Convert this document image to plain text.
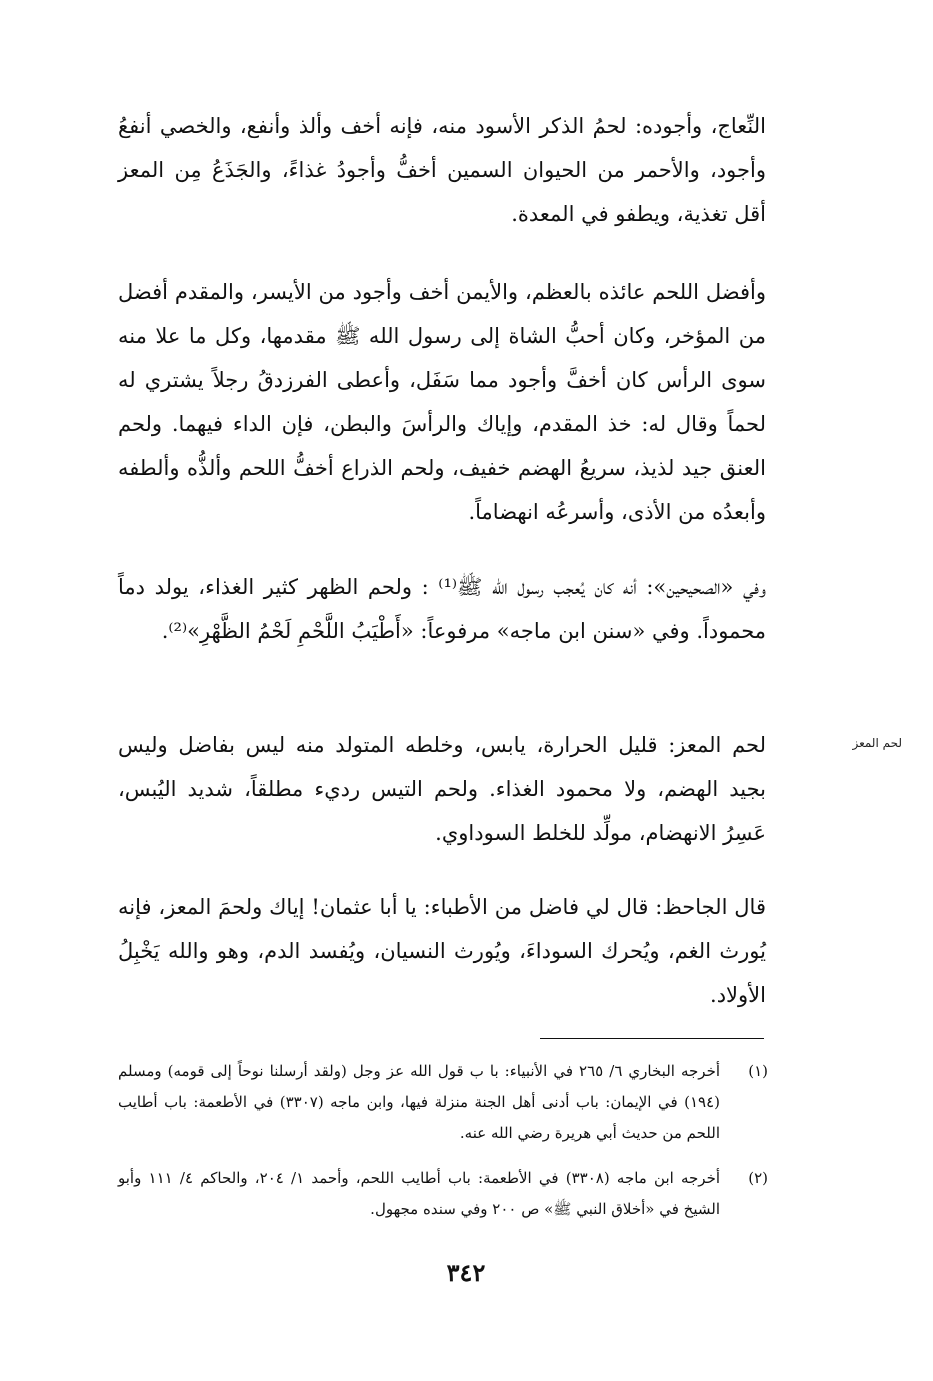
النِّعاج، وأجوده: لحمُ الذكر الأسود منه، فإنه أخف وألذ وأنفع، والخصي أنفعُ وأجود، والأحمر من الحيوان السمين أخفُّ وأجودُ غذاءً، والجَذَعُ مِن المعز أقل تغذية، ويطفو في المعدة.

وأفضل اللحم عائذه بالعظم، والأيمن أخف وأجود من الأيسر، والمقدم أفضل من المؤخر، وكان أحبُّ الشاة إلى رسول الله ﷺ مقدمها، وكل ما علا منه سوى الرأس كان أخفَّ وأجود مما سَفَل، وأعطى الفرزدقُ رجلاً يشتري له لحماً وقال له: خذ المقدم، وإياك والرأسَ والبطن، فإن الداء فيهما. ولحم العنق جيد لذيذ، سريعُ الهضم خفيف، ولحم الذراع أخفُّ اللحم وألذُّه وألطفه وأبعدُه من الأذى، وأسرعُه انهضاماً.

وفي «الصحيحين»: أنه كان يُعجب رسول الله ﷺ⁽¹⁾ : ولحم الظهر كثير الغذاء، يولد دماً محموداً. وفي «سنن ابن ماجه» مرفوعاً: «أَطْيَبُ اللَّحْمِ لَحْمُ الظَّهْرِ»⁽²⁾.

لحم المعز

لحم المعز: قليل الحرارة، يابس، وخلطه المتولد منه ليس بفاضل وليس بجيد الهضم، ولا محمود الغذاء. ولحم التيس رديء مطلقاً، شديد اليُبس، عَسِرُ الانهضام، مولِّد للخلط السوداوي.

قال الجاحظ: قال لي فاضل من الأطباء: يا أبا عثمان! إياك ولحمَ المعز، فإنه يُورث الغم، ويُحرك السوداءَ، ويُورث النسيان، ويُفسد الدم، وهو والله يَخْبِلُ الأولاد.

(١)
أخرجه البخاري ٦/ ٢٦٥ في الأنبياء: با ب قول الله عز وجل (ولقد أرسلنا نوحاً إلى قومه) ومسلم (١٩٤) في الإيمان: باب أدنى أهل الجنة منزلة فيها، وابن ماجه (٣٣٠٧) في الأطعمة: باب أطايب اللحم من حديث أبي هريرة رضي الله عنه.
(٢)
أخرجه ابن ماجه (٣٣٠٨) في الأطعمة: باب أطايب اللحم، وأحمد ١/ ٢٠٤، والحاكم ٤/ ١١١ وأبو الشيخ في «أخلاق النبي ﷺ» ص ٢٠٠ وفي سنده مجهول.
٣٤٢
